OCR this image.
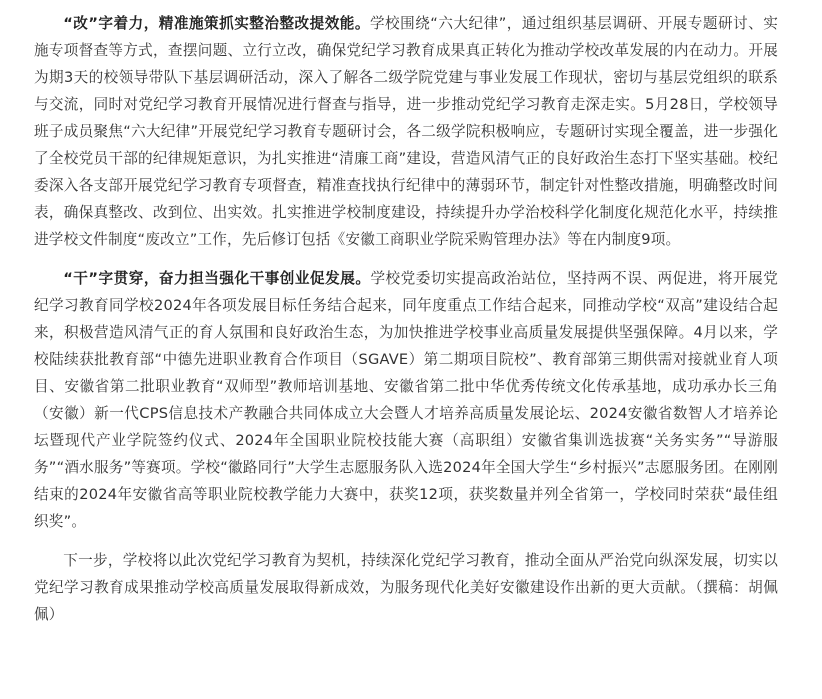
“改”字着力，精准施策抓实整治整改提效能。学校围绕“六大纪律”，通过组织基层调研、开展专题研讨、实施专项督查等方式，查摆问题、立行立改，确保党纪学习教育成果真正转化为推动学校改革发展的内在动力。开展为期3天的校领导带队下基层调研活动，深入了解各二级学院党建与事业发展工作现状，密切与基层党组织的联系与交流，同时对党纪学习教育开展情况进行督查与指导，进一步推动党纪学习教育走深走实。5月28日，学校领导班子成员聚焦“六大纪律”开展党纪学习教育专题研讨会，各二级学院积极响应，专题研讨实现全覆盖，进一步强化了全校党员干部的纪律规矩意识，为扎实推进“清廉工商”建设，营造风清气正的良好政治生态打下坚实基础。校纪委深入各支部开展党纪学习教育专项督查，精准查找执行纪律中的薄弱环节，制定针对性整改措施，明确整改时间表，确保真整改、改到位、出实效。扎实推进学校制度建设，持续提升办学治校科学化制度化规范化水平，持续推进学校文件制度“废改立”工作，先后修订包括《安徽工商职业学院采购管理办法》等在内制度9项。

“干”字贯穿，奋力担当强化干事创业促发展。学校党委切实提高政治站位，坚持两不误、两促进，将开展党纪学习教育同学校2024年各项发展目标任务结合起来，同年度重点工作结合起来，同推动学校“双高”建设结合起来，积极营造风清气正的育人氛围和良好政治生态，为加快推进学校事业高质量发展提供坚强保障。4月以来，学校陆续获批教育部“中德先进职业教育合作项目（SGAVE）第二期项目院校”、教育部第三期供需对接就业育人项目、安徽省第二批职业教育“双师型”教师培训基地、安徽省第二批中华优秀传统文化传承基地，成功承办长三角（安徽）新一代CPS信息技术产教融合共同体成立大会暨人才培养高质量发展论坛、2024安徽省数智人才培养论坛暨现代产业学院签约仪式、2024年全国职业院校技能大赛（高职组）安徽省集训选拔赛“关务实务”“导游服务”“酒水服务”等赛项。学校“徽路同行”大学生志愿服务队入选2024年全国大学生“乡村振兴”志愿服务团。在刚刚结束的2024年安徽省高等职业院校教学能力大赛中，获奖12项，获奖数量并列全省第一，学校同时荣获“最佳组织奖”。

下一步，学校将以此次党纪学习教育为契机，持续深化党纪学习教育，推动全面从严治党向纵深发展，切实以党纪学习教育成果推动学校高质量发展取得新成效，为服务现代化美好安徽建设作出新的更大贡献。（撰稿：胡佩佩）
